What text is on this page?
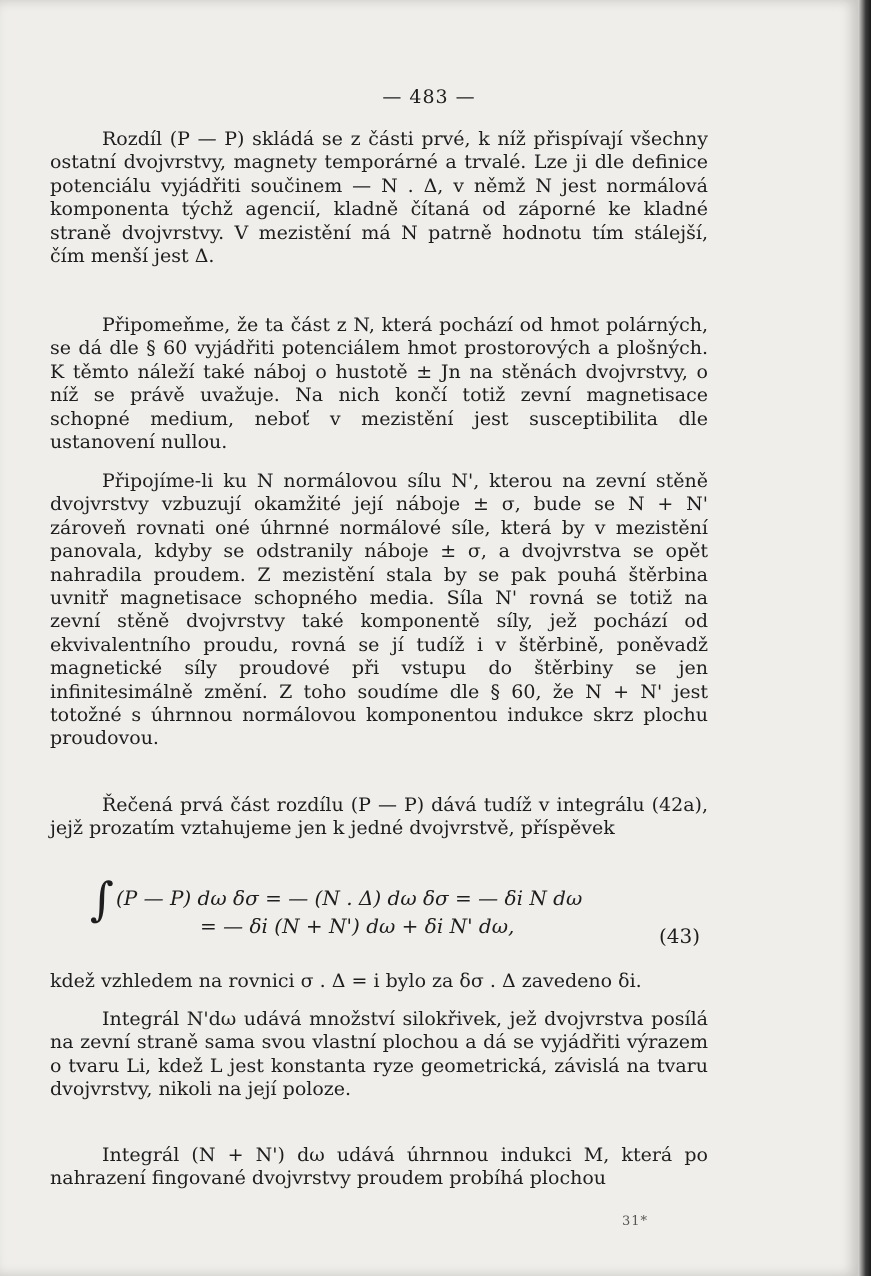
— 483 —

Rozdíl (P — P) skládá se z části prvé, k níž přispívají všechny ostatní dvojvrstvy, magnety temporárné a trvalé. Lze ji dle definice potenciálu vyjádřiti součinem — N . Δ, v němž N jest normálová komponenta týchž agencií, kladně čítaná od záporné ke kladné straně dvojvrstvy. V mezistění má N patrně hodnotu tím stálejší, čím menší jest Δ.

Připomeňme, že ta část z N, která pochází od hmot polárných, se dá dle § 60 vyjádřiti potenciálem hmot prostorových a plošných. K těmto náleží také náboj o hustotě ± Jn na stěnách dvojvrstvy, o níž se právě uvažuje. Na nich končí totiž zevní magnetisace schopné medium, neboť v mezistění jest susceptibilita dle ustanovení nullou.

Připojíme-li ku N normálovou sílu N', kterou na zevní stěně dvojvrstvy vzbuzují okamžité její náboje ± σ, bude se N + N' zároveň rovnati oné úhrnné normálové síle, která by v mezistění panovala, kdyby se odstranily náboje ± σ, a dvojvrstva se opět nahradila proudem. Z mezistění stala by se pak pouhá štěrbina uvnitř magnetisace schopného media. Síla N' rovná se totiž na zevní stěně dvojvrstvy také komponentě síly, jež pochází od ekvivalentního proudu, rovná se jí tudíž i v štěrbině, poněvadž magnetické síly proudové při vstupu do štěrbiny se jen infinitesimálně změní. Z toho soudíme dle § 60, že N + N' jest totožné s úhrnnou normálovou komponentou indukce skrz plochu proudovou.

Řečená prvá část rozdílu (P — P) dává tudíž v integrálu (42a), jejž prozatím vztahujeme jen k jedné dvojvrstvě, příspěvek

∫ (P — P) dω δσ = — (N . Δ) dω δσ = — δi N dω
= — δi (N + N') dω + δi N' dω,	(43)

kdež vzhledem na rovnici σ . Δ = i bylo za δσ . Δ zavedeno δi.

Integrál N'dω udává množství silokřivek, jež dvojvrstva posílá na zevní straně sama svou vlastní plochou a dá se vyjádřiti výrazem o tvaru Li, kdež L jest konstanta ryze geometrická, závislá na tvaru dvojvrstvy, nikoli na její poloze.

Integrál (N + N') dω udává úhrnnou indukci M, která po nahrazení fingované dvojvrstvy proudem probíhá plochou

31*
